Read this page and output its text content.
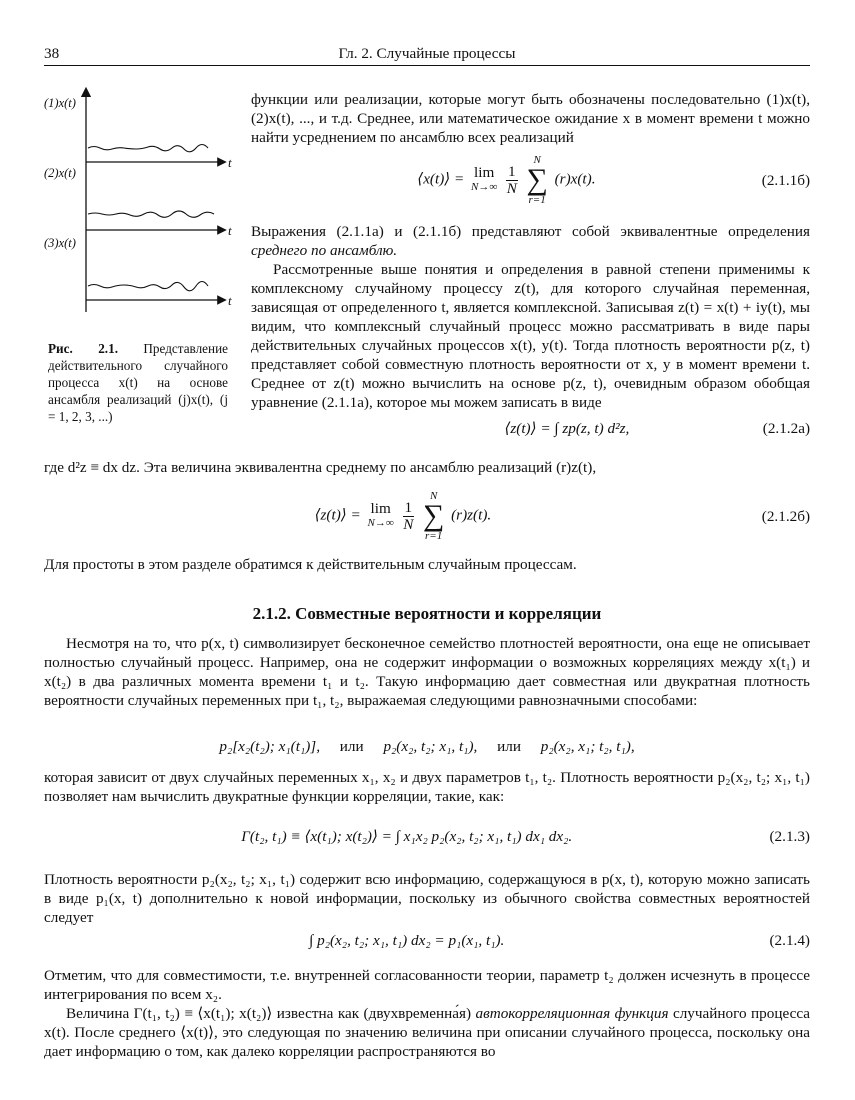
38	Гл. 2. Случайные процессы
(1)x(t)
(2)x(t)
(3)x(t)
t
t
t
Рис. 2.1. Представление действительного случайного процесса x(t) на основе ансамбля реализаций (j)x(t), (j = 1, 2, 3, ...)

функции или реализации, которые могут быть обозначены последовательно (1)x(t), (2)x(t), ..., и т.д. Среднее, или математическое ожидание x в момент времени t можно найти усреднением по ансамблю всех реализаций

⟨x(t)⟩ = lim
N→∞
$\frac{1}{N}$

N
∑
r=1
(r)x(t).	(2.1.1б)

Выражения (2.1.1а) и (2.1.1б) представляют собой эквивалентные определения среднего по ансамблю.

Рассмотренные выше понятия и определения в равной степени применимы к комплексному случайному процессу z(t), для которого случайная переменная, зависящая от определенного t, является комплексной. Записывая z(t) = x(t) + iy(t), мы видим, что комплексный случайный процесс можно рассматривать в виде пары действительных случайных процессов x(t), y(t). Тогда плотность вероятности p(z, t) представляет собой совместную плотность вероятности от x, y в момент времени t. Среднее от z(t) можно вычислить на основе p(z, t), очевидным образом обобщая уравнение (2.1.1а), которое мы можем записать в виде

⟨z(t)⟩ = ∫ zp(z, t) d²z,	(2.1.2а)

где d²z ≡ dx dz. Эта величина эквивалентна среднему по ансамблю реализаций (r)z(t),

⟨z(t)⟩ = lim
N→∞
$\frac{1}{N}$

N
∑
r=1
(r)z(t).	(2.1.2б)

Для простоты в этом разделе обратимся к действительным случайным процессам.

2.1.2. Совместные вероятности и корреляции

Несмотря на то, что p(x, t) символизирует бесконечное семейство плотностей вероятности, она еще не описывает полностью случайный процесс. Например, она не содержит информации о возможных корреляциях между x(t₁) и x(t₂) в два различных момента времени t₁ и t₂. Такую информацию дает совместная или двукратная плотность вероятности случайных переменных при t₁, t₂, выражаемая следующими равнозначными способами:

p₂[x₂(t₂); x₁(t₁)], или p₂(x₂, t₂; x₁, t₁), или p₂(x₂, x₁; t₂, t₁),

которая зависит от двух случайных переменных x₁, x₂ и двух параметров t₁, t₂. Плотность вероятности p₂(x₂, t₂; x₁, t₁) позволяет нам вычислить двукратные функции корреляции, такие, как:

Γ(t₂, t₁) ≡ ⟨x(t₁); x(t₂)⟩ = ∫ x₁x₂ p₂(x₂, t₂; x₁, t₁) dx₁ dx₂.	(2.1.3)

Плотность вероятности p₂(x₂, t₂; x₁, t₁) содержит всю информацию, содержащуюся в p(x, t), которую можно записать в виде p₁(x, t) дополнительно к новой информации, поскольку из обычного свойства совместных вероятностей следует

∫ p₂(x₂, t₂; x₁, t₁) dx₂ = p₁(x₁, t₁).	(2.1.4)

Отметим, что для совместимости, т.е. внутренней согласованности теории, параметр t₂ должен исчезнуть в процессе интегрирования по всем x₂.

Величина Γ(t₁, t₂) ≡ ⟨x(t₁); x(t₂)⟩ известна как (двухвременна́я) автокорреляционная функция случайного процесса x(t). После среднего ⟨x(t)⟩, это следующая по значению величина при описании случайного процесса, поскольку она дает информацию о том, как далеко корреляции распространяются во
